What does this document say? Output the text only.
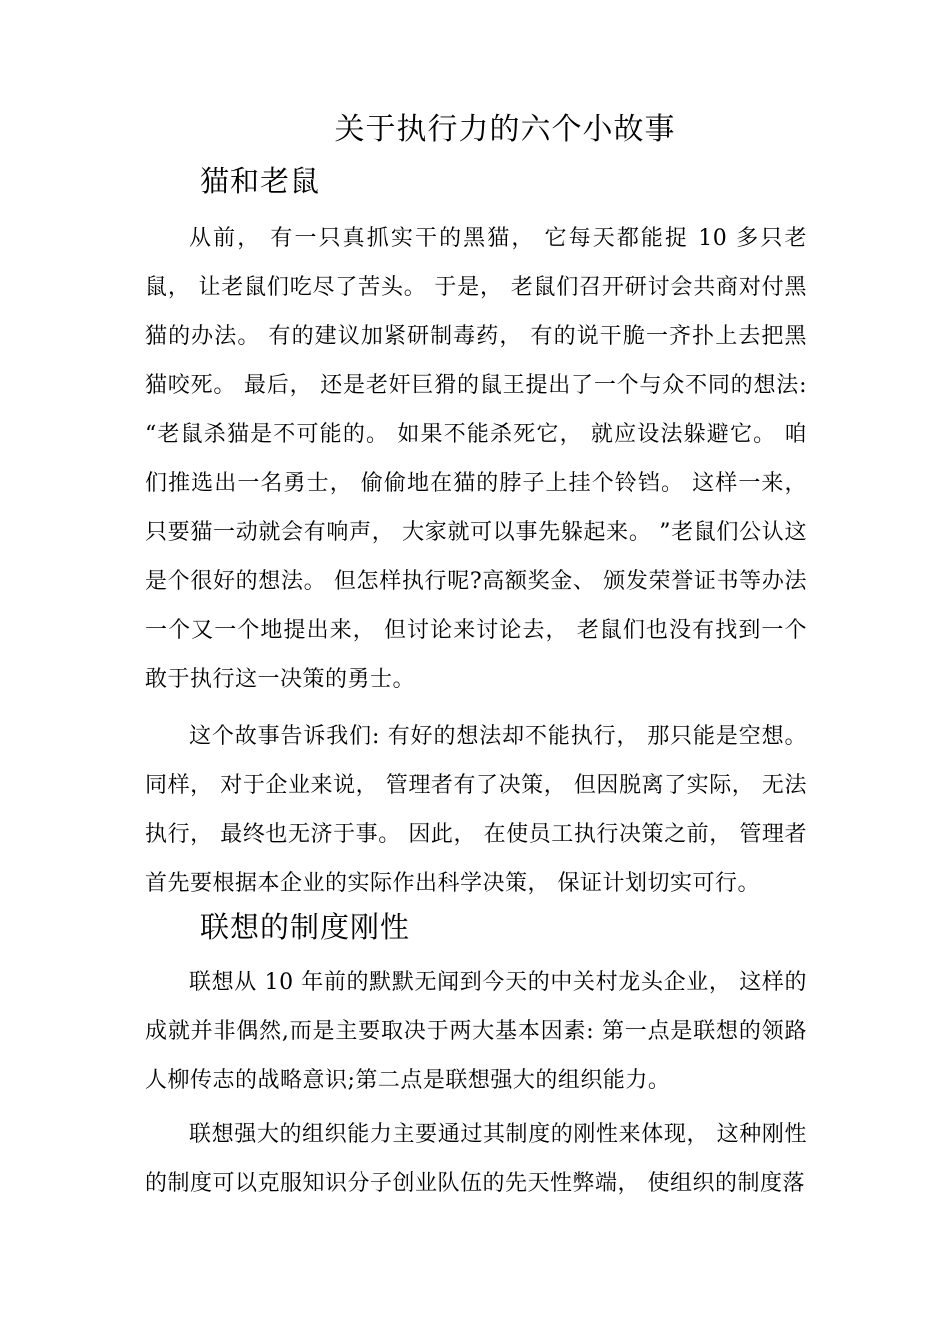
关于执行力的六个小故事
猫和老鼠

从前， 有一只真抓实干的黑猫， 它每天都能捉 10 多只老鼠， 让老鼠们吃尽了苦头。 于是， 老鼠们召开研讨会共商对付黑猫的办法。 有的建议加紧研制毒药， 有的说干脆一齐扑上去把黑猫咬死。 最后， 还是老奸巨猾的鼠王提出了一个与众不同的想法: “老鼠杀猫是不可能的。 如果不能杀死它， 就应设法躲避它。 咱们推选出一名勇士， 偷偷地在猫的脖子上挂个铃铛。 这样一来， 只要猫一动就会有响声， 大家就可以事先躲起来。 ”老鼠们公认这是个很好的想法。 但怎样执行呢?高额奖金、 颁发荣誉证书等办法一个又一个地提出来， 但讨论来讨论去， 老鼠们也没有找到一个敢于执行这一决策的勇士。

这个故事告诉我们: 有好的想法却不能执行， 那只能是空想。 同样， 对于企业来说， 管理者有了决策， 但因脱离了实际， 无法执行， 最终也无济于事。 因此， 在使员工执行决策之前， 管理者首先要根据本企业的实际作出科学决策， 保证计划切实可行。

联想的制度刚性

联想从 10 年前的默默无闻到今天的中关村龙头企业， 这样的成就并非偶然,而是主要取决于两大基本因素: 第一点是联想的领路人柳传志的战略意识;第二点是联想强大的组织能力。

联想强大的组织能力主要通过其制度的刚性来体现， 这种刚性的制度可以克服知识分子创业队伍的先天性弊端， 使组织的制度落
